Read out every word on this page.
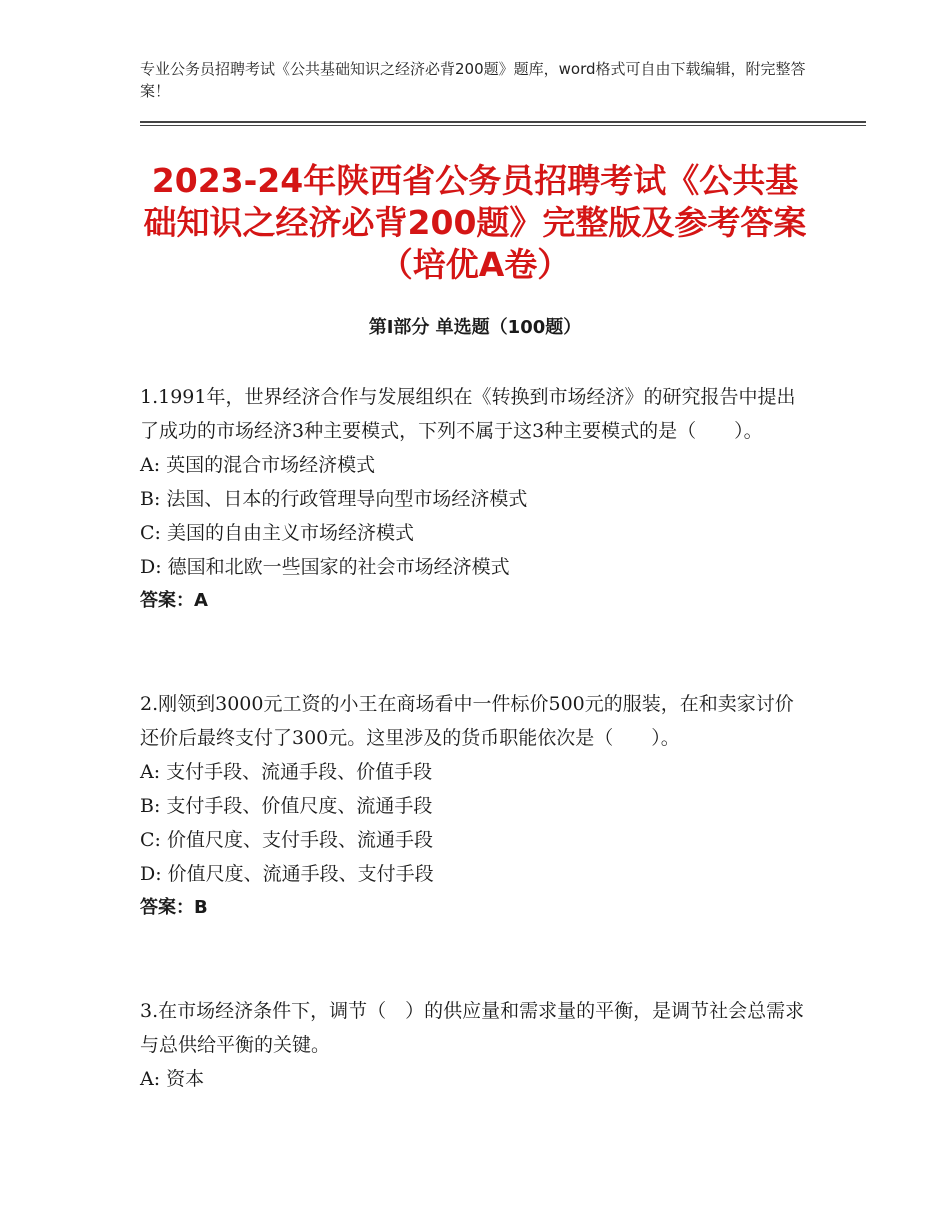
专业公务员招聘考试《公共基础知识之经济必背200题》题库，word格式可自由下载编辑，附完整答案！
2023-24年陕西省公务员招聘考试《公共基础知识之经济必背200题》完整版及参考答案（培优A卷）
第I部分 单选题（100题）

1.1991年，世界经济合作与发展组织在《转换到市场经济》的研究报告中提出了成功的市场经济3种主要模式，下列不属于这3种主要模式的是（　　）。

A: 英国的混合市场经济模式

B: 法国、日本的行政管理导向型市场经济模式

C: 美国的自由主义市场经济模式

D: 德国和北欧一些国家的社会市场经济模式

答案：A

2.刚领到3000元工资的小王在商场看中一件标价500元的服装，在和卖家讨价还价后最终支付了300元。这里涉及的货币职能依次是（　　）。

A: 支付手段、流通手段、价值手段

B: 支付手段、价值尺度、流通手段

C: 价值尺度、支付手段、流通手段

D: 价值尺度、流通手段、支付手段

答案：B

3.在市场经济条件下，调节（　）的供应量和需求量的平衡，是调节社会总需求与总供给平衡的关键。

A: 资本
